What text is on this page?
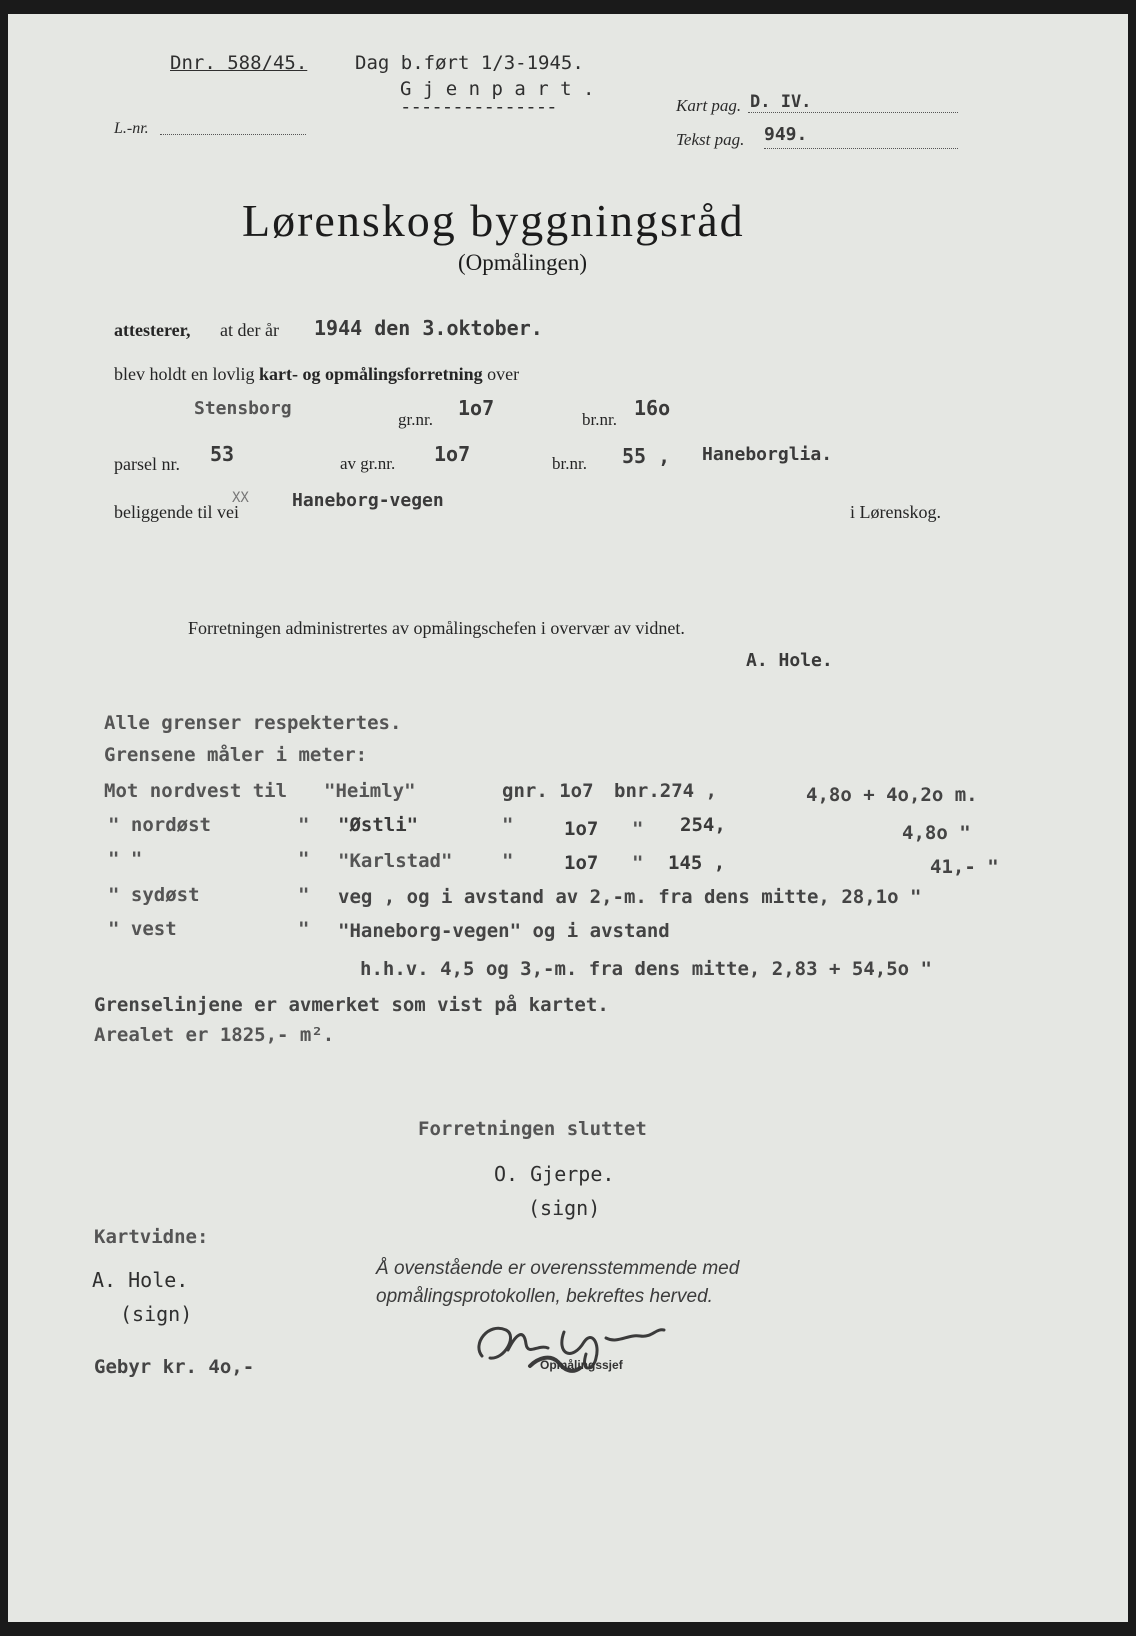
Dnr. 588/45.	Dag b.ført 1/3-1945.
G j e n p a r t .
---------------
L.-nr.
Kart pag. D. IV.
Tekst pag. 949.
Lørenskog byggningsråd
(Opmålingen)
attesterer, at der år 1944 den 3.oktober.
blev holdt en lovlig kart- og opmålingsforretning over
Stensborg
gr.nr. 1o7	br.nr. 16o
parsel nr. 53	av gr.nr. 1o7	br.nr. 55 , Haneborglia.
beliggende til vei
XX Haneborg-vegen
i Lørenskog.
Forretningen administrertes av opmålingschefen i overvær av vidnet.
A. Hole.
Alle grenser respektertes.
Grensene måler i meter:
Mot nordvest til "Heimly"	gnr. 1o7 bnr.274 ,	4,8o + 4o,2o m.
" nordøst	" "Østli"	"	1o7 " 254,	4,8o "
" "	" "Karlstad"	"	1o7 " 145 ,	41,- "
" sydøst	" veg , og i avstand av 2,-m. fra dens mitte, 28,1o "
" vest	" "Haneborg-vegen" og i avstand
h.h.v. 4,5 og 3,-m. fra dens mitte, 2,83 + 54,5o "
Grenselinjene er avmerket som vist på kartet.
Arealet er 1825,- m².
Forretningen sluttet
O. Gjerpe.
(sign)
Kartvidne:
A. Hole.
(sign)
Gebyr kr. 4o,-
Å ovenstående er overensstemmende med
opmålingsprotokollen, bekreftes herved.
Opmålingssjef
